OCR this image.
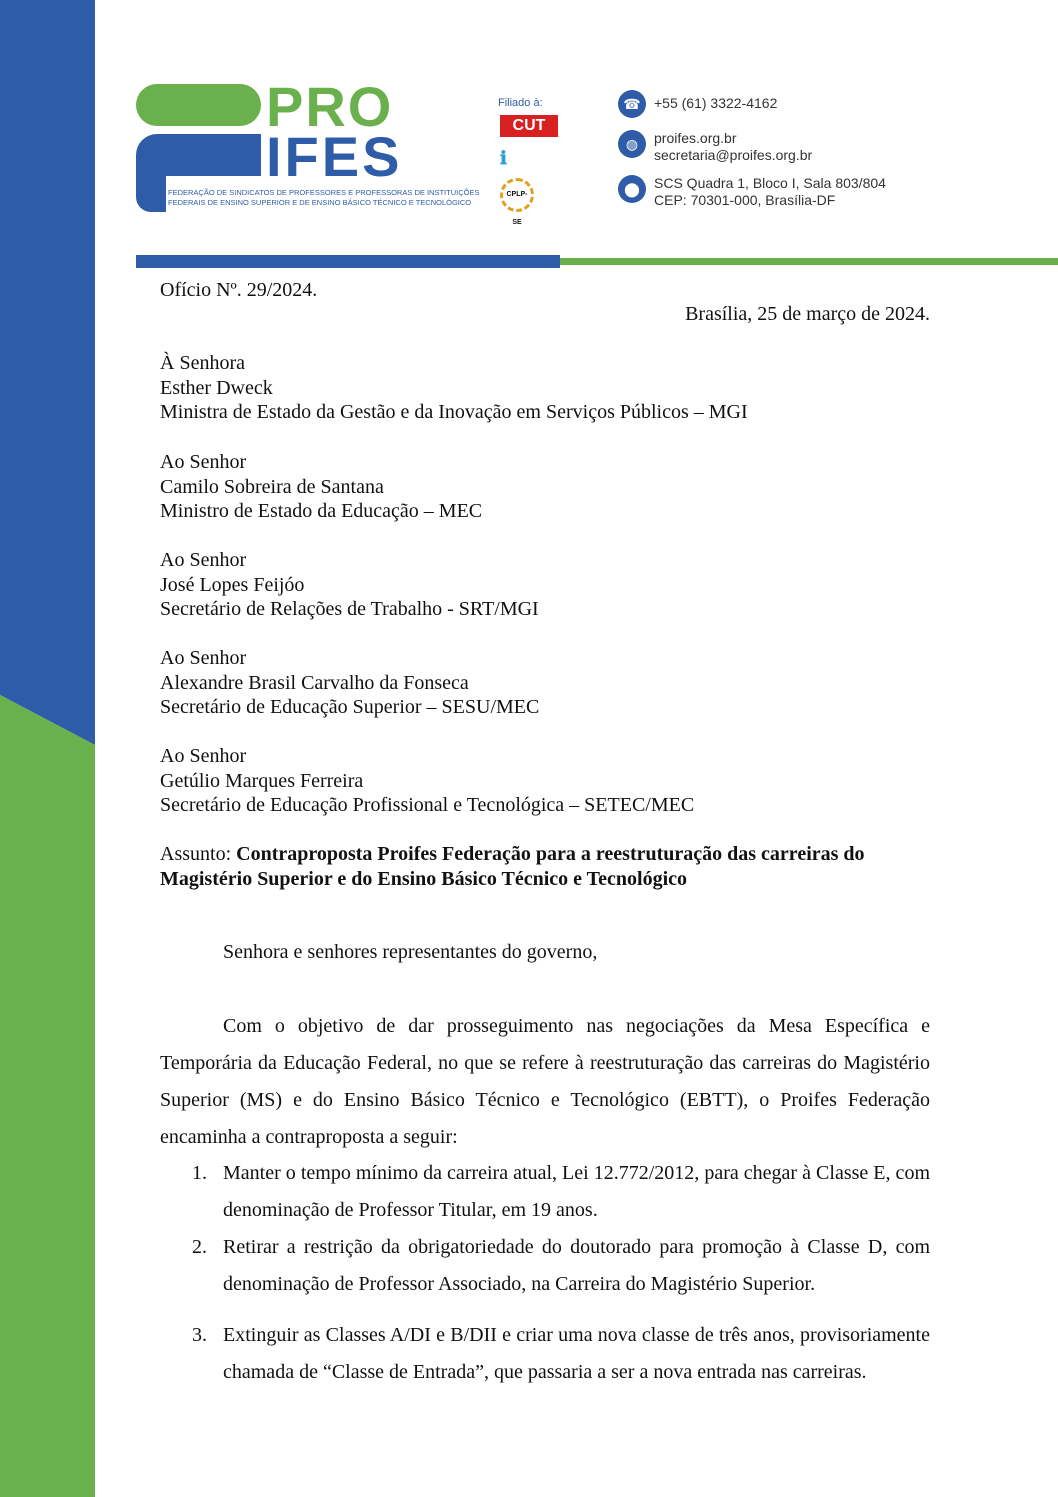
PRO
IFES
FEDERAÇÃO DE SINDICATOS DE PROFESSORES E PROFESSORAS DE INSTITUIÇÕES
FEDERAIS DE ENSINO SUPERIOR E DE ENSINO BÁSICO TÉCNICO E TECNOLÓGICO
Filiado à:
CUT
ℹ
CPLP-SE
☎ +55 (61) 3322-4162
◍	proifes.org.br
secretaria@proifes.org.br
⬤	SCS Quadra 1, Bloco I, Sala 803/804
CEP: 70301-000, Brasília-DF
Ofício Nº. 29/2024.
Brasília, 25 de março de 2024.
À Senhora
Esther Dweck
Ministra de Estado da Gestão e da Inovação em Serviços Públicos – MGI
Ao Senhor
Camilo Sobreira de Santana
Ministro de Estado da Educação – MEC
Ao Senhor
José Lopes Feijóo
Secretário de Relações de Trabalho - SRT/MGI
Ao Senhor
Alexandre Brasil Carvalho da Fonseca
Secretário de Educação Superior – SESU/MEC
Ao Senhor
Getúlio Marques Ferreira
Secretário de Educação Profissional e Tecnológica – SETEC/MEC
Assunto: Contraproposta Proifes Federação para a reestruturação das carreiras do Magistério Superior e do Ensino Básico Técnico e Tecnológico
Senhora e senhores representantes do governo,
Com o objetivo de dar prosseguimento nas negociações da Mesa Específica e Temporária da Educação Federal, no que se refere à reestruturação das carreiras do Magistério Superior (MS) e do Ensino Básico Técnico e Tecnológico (EBTT), o Proifes Federação encaminha a contraproposta a seguir:
1. Manter o tempo mínimo da carreira atual, Lei 12.772/2012, para chegar à Classe E, com denominação de Professor Titular, em 19 anos.
2. Retirar a restrição da obrigatoriedade do doutorado para promoção à Classe D, com denominação de Professor Associado, na Carreira do Magistério Superior.
3. Extinguir as Classes A/DI e B/DII e criar uma nova classe de três anos, provisoriamente chamada de “Classe de Entrada”, que passaria a ser a nova entrada nas carreiras.
